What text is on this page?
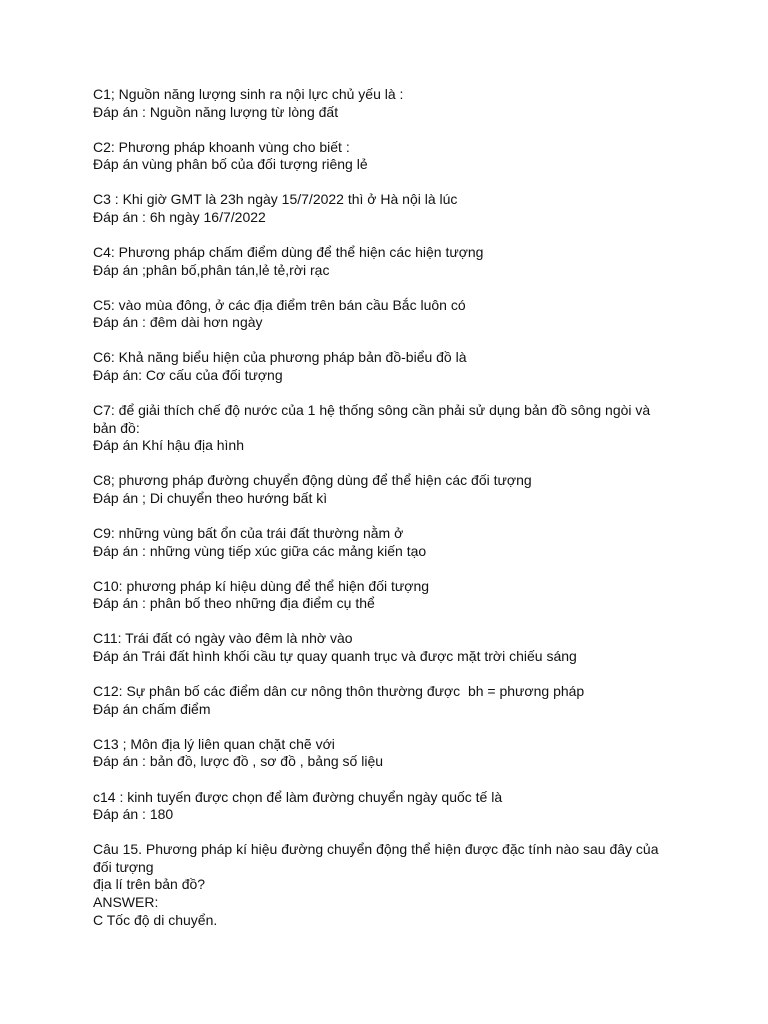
C1; Nguồn năng lượng sinh ra nội lực chủ yếu là :
Đáp án : Nguồn năng lượng từ lòng đất
C2: Phương pháp khoanh vùng cho biết :
Đáp án vùng phân bố của đối tượng riêng lẻ
C3 : Khi giờ GMT là 23h ngày 15/7/2022 thì ở Hà nội là lúc
Đáp án : 6h ngày 16/7/2022
C4: Phương pháp chấm điểm dùng để thể hiện các hiện tượng
Đáp án ;phân bố,phân tán,lẻ tẻ,rời rạc
C5: vào mùa đông, ở các địa điểm trên bán cầu Bắc luôn có
Đáp án : đêm dài hơn ngày
C6: Khả năng biểu hiện của phương pháp bản đồ-biểu đồ là
Đáp án: Cơ cấu của đối tượng
C7: để giải thích chế độ nước của 1 hệ thống sông cần phải sử dụng bản đồ sông ngòi và
bản đồ:
Đáp án Khí hậu địa hình
C8; phương pháp đường chuyển động dùng để thể hiện các đối tượng
Đáp án ; Di chuyển theo hướng bất kì
C9: những vùng bất ổn của trái đất thường nằm ở
Đáp án : những vùng tiếp xúc giữa các mảng kiến tạo
C10: phương pháp kí hiệu dùng để thể hiện đối tượng
Đáp án : phân bố theo những địa điểm cụ thể
C11: Trái đất có ngày vào đêm là nhờ vào
Đáp án Trái đất hình khối cầu tự quay quanh trục và được mặt trời chiếu sáng
C12: Sự phân bố các điểm dân cư nông thôn thường được  bh = phương pháp
Đáp án chấm điểm
C13 ; Môn địa lý liên quan chặt chẽ với
Đáp án : bản đồ, lược đồ , sơ đồ , bảng số liệu
c14 : kinh tuyến được chọn để làm đường chuyển ngày quốc tế là
Đáp án : 180
Câu 15. Phương pháp kí hiệu đường chuyển động thể hiện được đặc tính nào sau đây của
đối tượng
địa lí trên bản đồ?
ANSWER:
C Tốc độ di chuyển.
